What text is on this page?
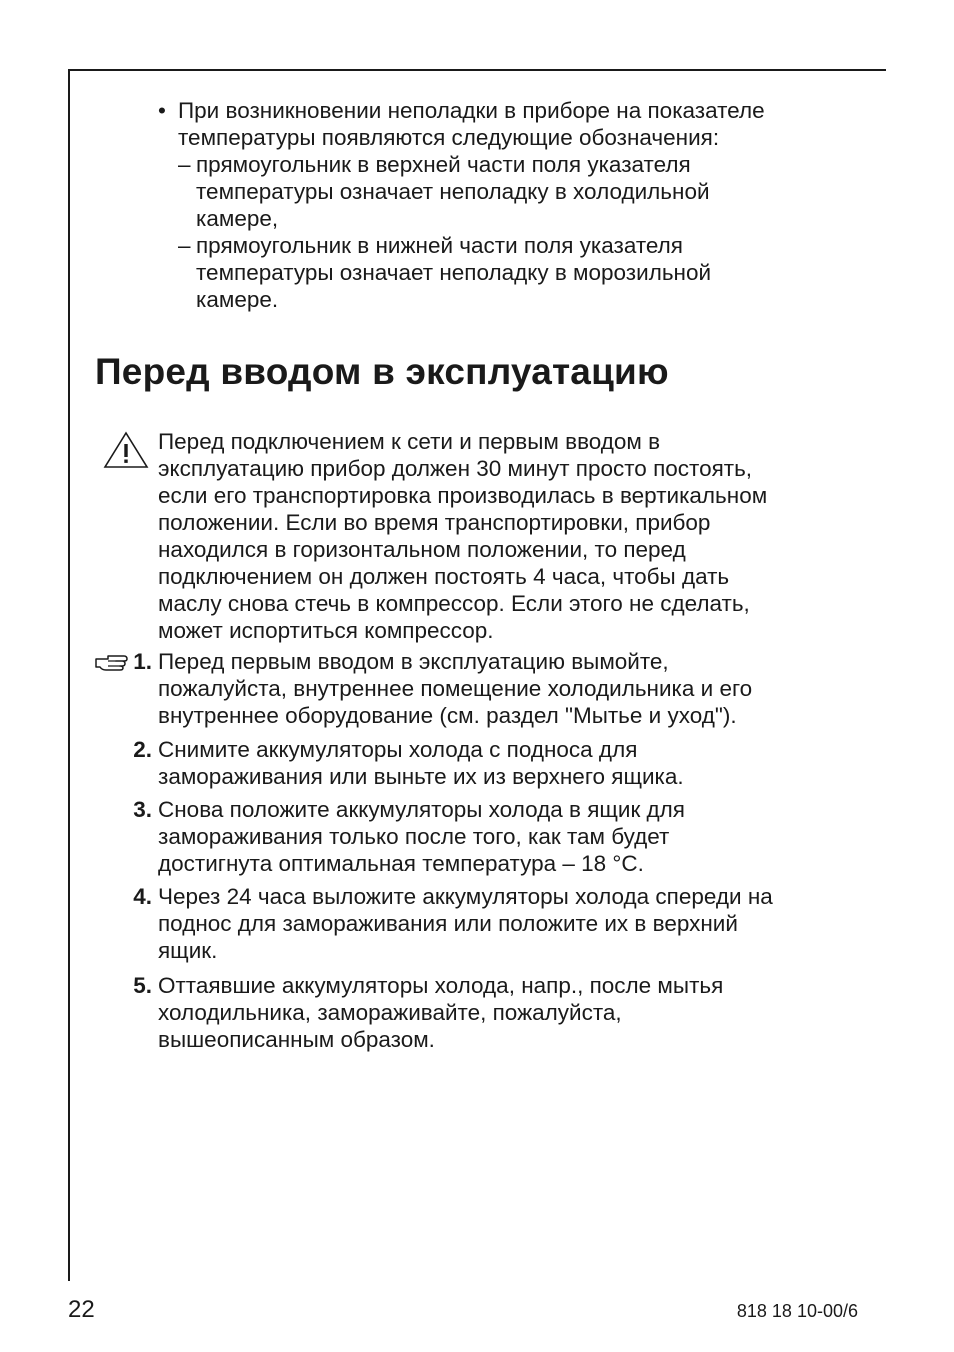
• При возникновении неполадки в приборе на показателе
температуры появляются следующие обозначения:
– прямоугольник в верхней части поля указателя
температуры означает неполадку в холодильной
камере,
– прямоугольник в нижней части поля указателя
температуры означает неполадку в морозильной
камере.
Перед вводом в эксплуатацию
Перед подключением к сети и первым вводом в
эксплуатацию прибор должен 30 минут просто постоять,
если его транспортировка производилась в вертикальном
положении. Если во время транспортировки, прибор
находился в горизонтальном положении, то перед
подключением он должен постоять 4 часа, чтобы дать
маслу снова стечь в компрессор. Если этого не сделать,
может испортиться компрессор.
1. Перед первым вводом в эксплуатацию вымойте,
пожалуйста, внутреннее помещение холодильника и его
внутреннее оборудование (см. раздел "Мытье и уход").
2. Снимите аккумуляторы холода с подноса для
замораживания или выньте их из верхнего ящика.
3. Снова положите аккумуляторы холода в ящик для
замораживания только после того, как там будет
достигнута оптимальная температура – 18 °C.
4. Через 24 часа выложите аккумуляторы холода спереди на
поднос для замораживания или положите их в верхний
ящик.
5. Оттаявшие аккумуляторы холода, напр., после мытья
холодильника, замораживайте, пожалуйста,
вышеописанным образом.
22	818 18 10-00/6
